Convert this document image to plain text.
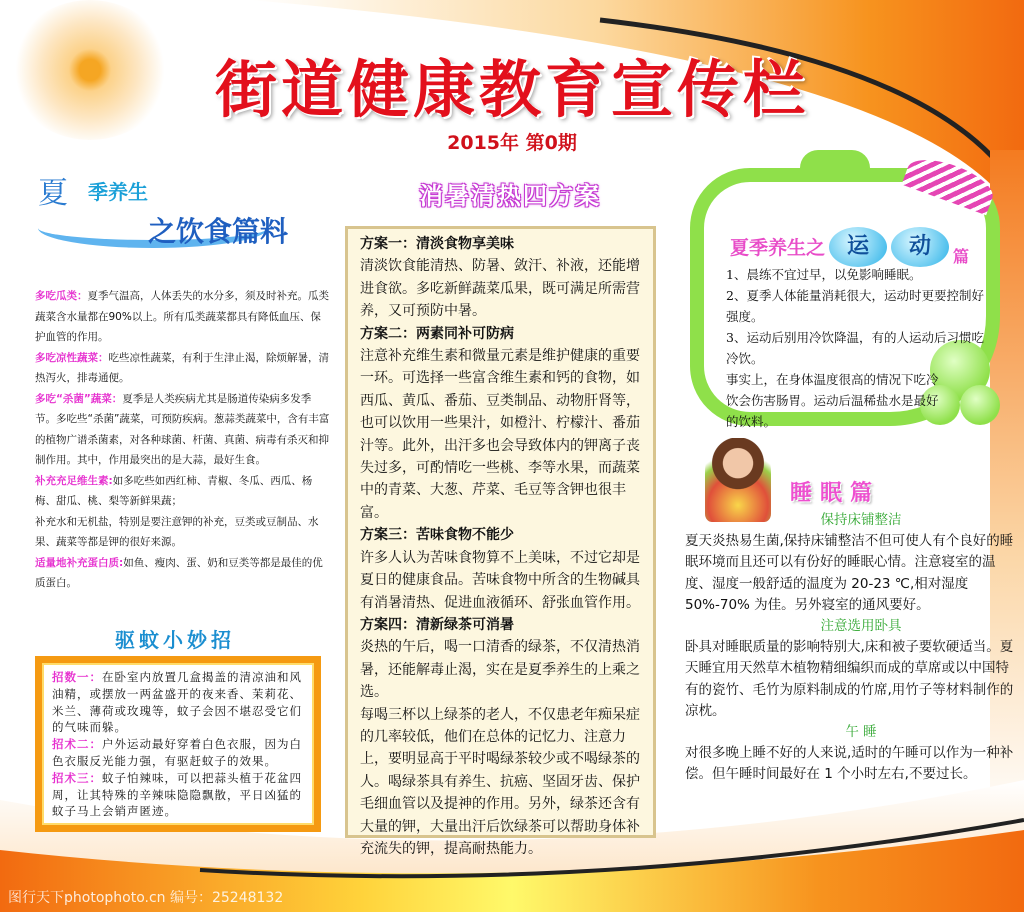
街道健康教育宣传栏
2015年 第0期
夏 季养生
之饮食篇料

多吃瓜类：夏季气温高，人体丢失的水分多，须及时补充。瓜类蔬菜含水量都在90%以上。所有瓜类蔬菜都具有降低血压、保护血管的作用。

多吃凉性蔬菜：吃些凉性蔬菜，有利于生津止渴，除烦解暑，清热泻火，排毒通便。

多吃“杀菌”蔬菜：夏季是人类疾病尤其是肠道传染病多发季节。多吃些“杀菌”蔬菜，可预防疾病。葱蒜类蔬菜中，含有丰富的植物广谱杀菌素，对各种球菌、杆菌、真菌、病毒有杀灭和抑制作用。其中，作用最突出的是大蒜，最好生食。

补充充足维生素:如多吃些如西红柿、青椒、冬瓜、西瓜、杨梅、甜瓜、桃、梨等新鲜果蔬；

补充水和无机盐，特别是要注意钾的补充，豆类或豆制品、水果、蔬菜等都是钾的很好来源。

适量地补充蛋白质:如鱼、瘦肉、蛋、奶和豆类等都是最佳的优质蛋白。

驱蚊小妙招

招数一：在卧室内放置几盒揭盖的清凉油和风油精，或摆放一两盆盛开的夜来香、茉莉花、米兰、薄荷或玫瑰等，蚊子会因不堪忍受它们的气味而躲。

招术二：户外运动最好穿着白色衣服，因为白色衣服反光能力强，有驱赶蚊子的效果。

招术三：蚊子怕辣味，可以把蒜头植于花盆四周，让其特殊的辛辣味隐隐飘散，平日凶猛的蚊子马上会销声匿迹。

消暑清热四方案
方案一：清淡食物享美味

清淡饮食能清热、防暑、敛汗、补液，还能增进食欲。多吃新鲜蔬菜瓜果，既可满足所需营养，又可预防中暑。

方案二：两素同补可防病

注意补充维生素和微量元素是维护健康的重要一环。可选择一些富含维生素和钙的食物，如西瓜、黄瓜、番茄、豆类制品、动物肝肾等，也可以饮用一些果汁，如橙汁、柠檬汁、番茄汁等。此外，出汗多也会导致体内的钾离子丧失过多，可酌情吃一些桃、李等水果，而蔬菜中的青菜、大葱、芹菜、毛豆等含钾也很丰富。

方案三：苦味食物不能少

许多人认为苦味食物算不上美味，不过它却是夏日的健康食品。苦味食物中所含的生物碱具有消暑清热、促进血液循环、舒张血管作用。

方案四：清新绿茶可消暑

炎热的午后，喝一口清香的绿茶，不仅清热消暑，还能解毒止渴，实在是夏季养生的上乘之选。

每喝三杯以上绿茶的老人，不仅患老年痴呆症的几率较低，他们在总体的记忆力、注意力上，要明显高于平时喝绿茶较少或不喝绿茶的人。喝绿茶具有养生、抗癌、坚固牙齿、保护毛细血管以及提神的作用。另外，绿茶还含有大量的钾，大量出汗后饮绿茶可以帮助身体补充流失的钾，提高耐热能力。

夏季养生之 运	动	篇

1、晨练不宜过早，以免影响睡眠。

2、夏季人体能量消耗很大，运动时更要控制好强度。

3、运动后别用冷饮降温，有的人运动后习惯吃冷饮。

事实上，在身体温度很高的情况下吃冷饮会伤害肠胃。运动后温稀盐水是最好的饮料。

睡眠篇

保持床铺整洁

夏天炎热易生菌,保持床铺整洁不但可使人有个良好的睡眠环境而且还可以有份好的睡眠心情。注意寝室的温度、湿度一般舒适的温度为 20-23 ℃,相对湿度 50%-70% 为佳。另外寝室的通风要好。

注意选用卧具

卧具对睡眠质量的影响特别大,床和被子要软硬适当。夏天睡宜用天然草木植物精细编织而成的草席或以中国特有的瓷竹、毛竹为原料制成的竹席,用竹子等材料制作的凉枕。

午 睡

对很多晚上睡不好的人来说,适时的午睡可以作为一种补偿。但午睡时间最好在 1 个小时左右,不要过长。

图行天下photophoto.cn 编号：25248132
